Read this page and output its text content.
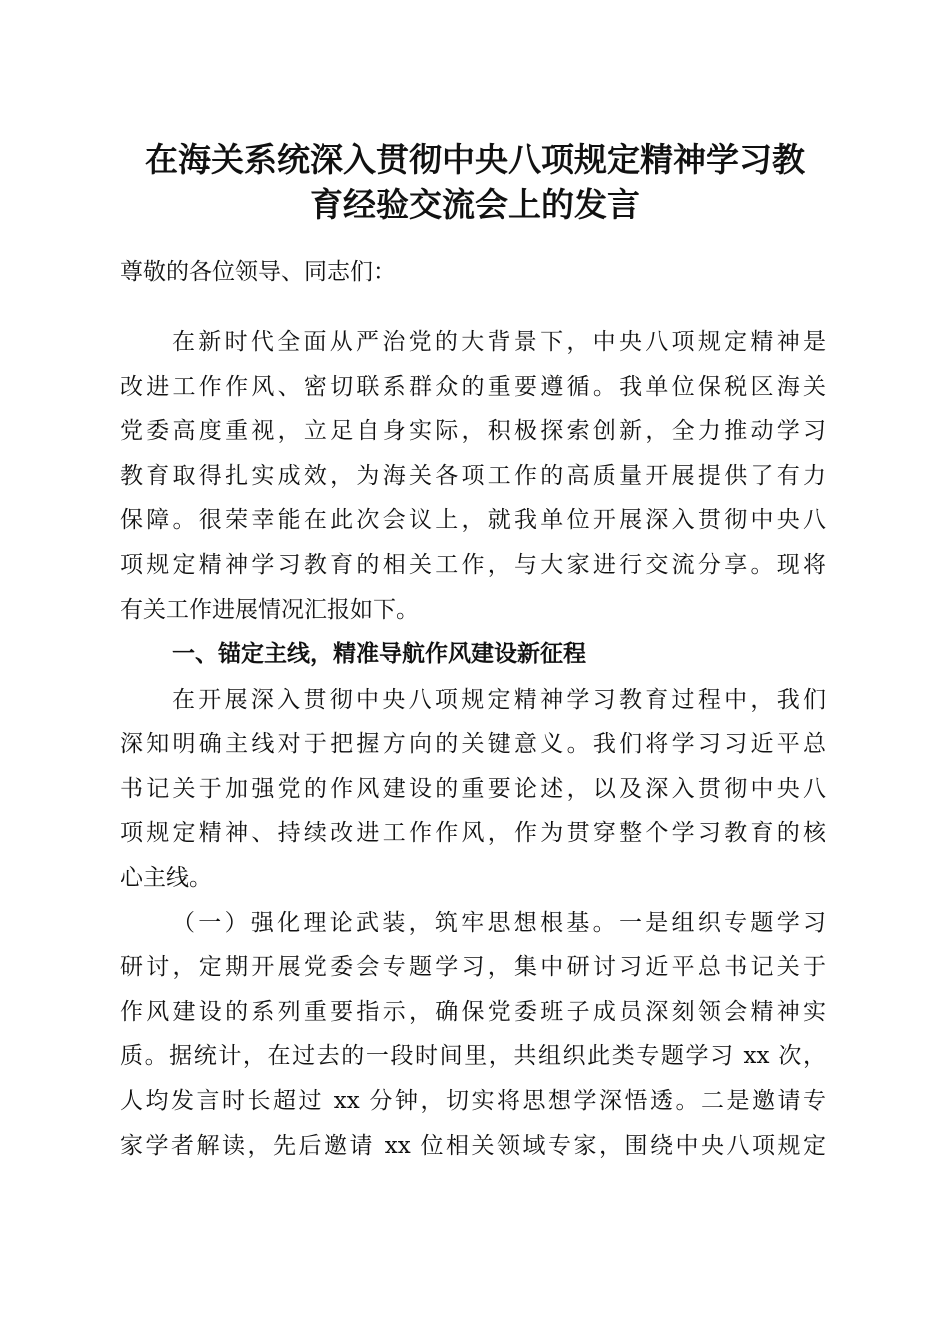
在海关系统深入贯彻中央八项规定精神学习教
育经验交流会上的发言
尊敬的各位领导、同志们：
在新时代全面从严治党的大背景下，中央八项规定精神是
改进工作作风、密切联系群众的重要遵循。我单位保税区海关
党委高度重视，立足自身实际，积极探索创新，全力推动学习
教育取得扎实成效，为海关各项工作的高质量开展提供了有力
保障。很荣幸能在此次会议上，就我单位开展深入贯彻中央八
项规定精神学习教育的相关工作，与大家进行交流分享。现将
有关工作进展情况汇报如下。
一、锚定主线，精准导航作风建设新征程
在开展深入贯彻中央八项规定精神学习教育过程中，我们
深知明确主线对于把握方向的关键意义。我们将学习习近平总
书记关于加强党的作风建设的重要论述，以及深入贯彻中央八
项规定精神、持续改进工作作风，作为贯穿整个学习教育的核
心主线。
（一）强化理论武装，筑牢思想根基。一是组织专题学习
研讨，定期开展党委会专题学习，集中研讨习近平总书记关于
作风建设的系列重要指示，确保党委班子成员深刻领会精神实
质。据统计，在过去的一段时间里，共组织此类专题学习 xx 次，
人均发言时长超过 xx 分钟，切实将思想学深悟透。二是邀请专
家学者解读，先后邀请 xx 位相关领域专家，围绕中央八项规定
